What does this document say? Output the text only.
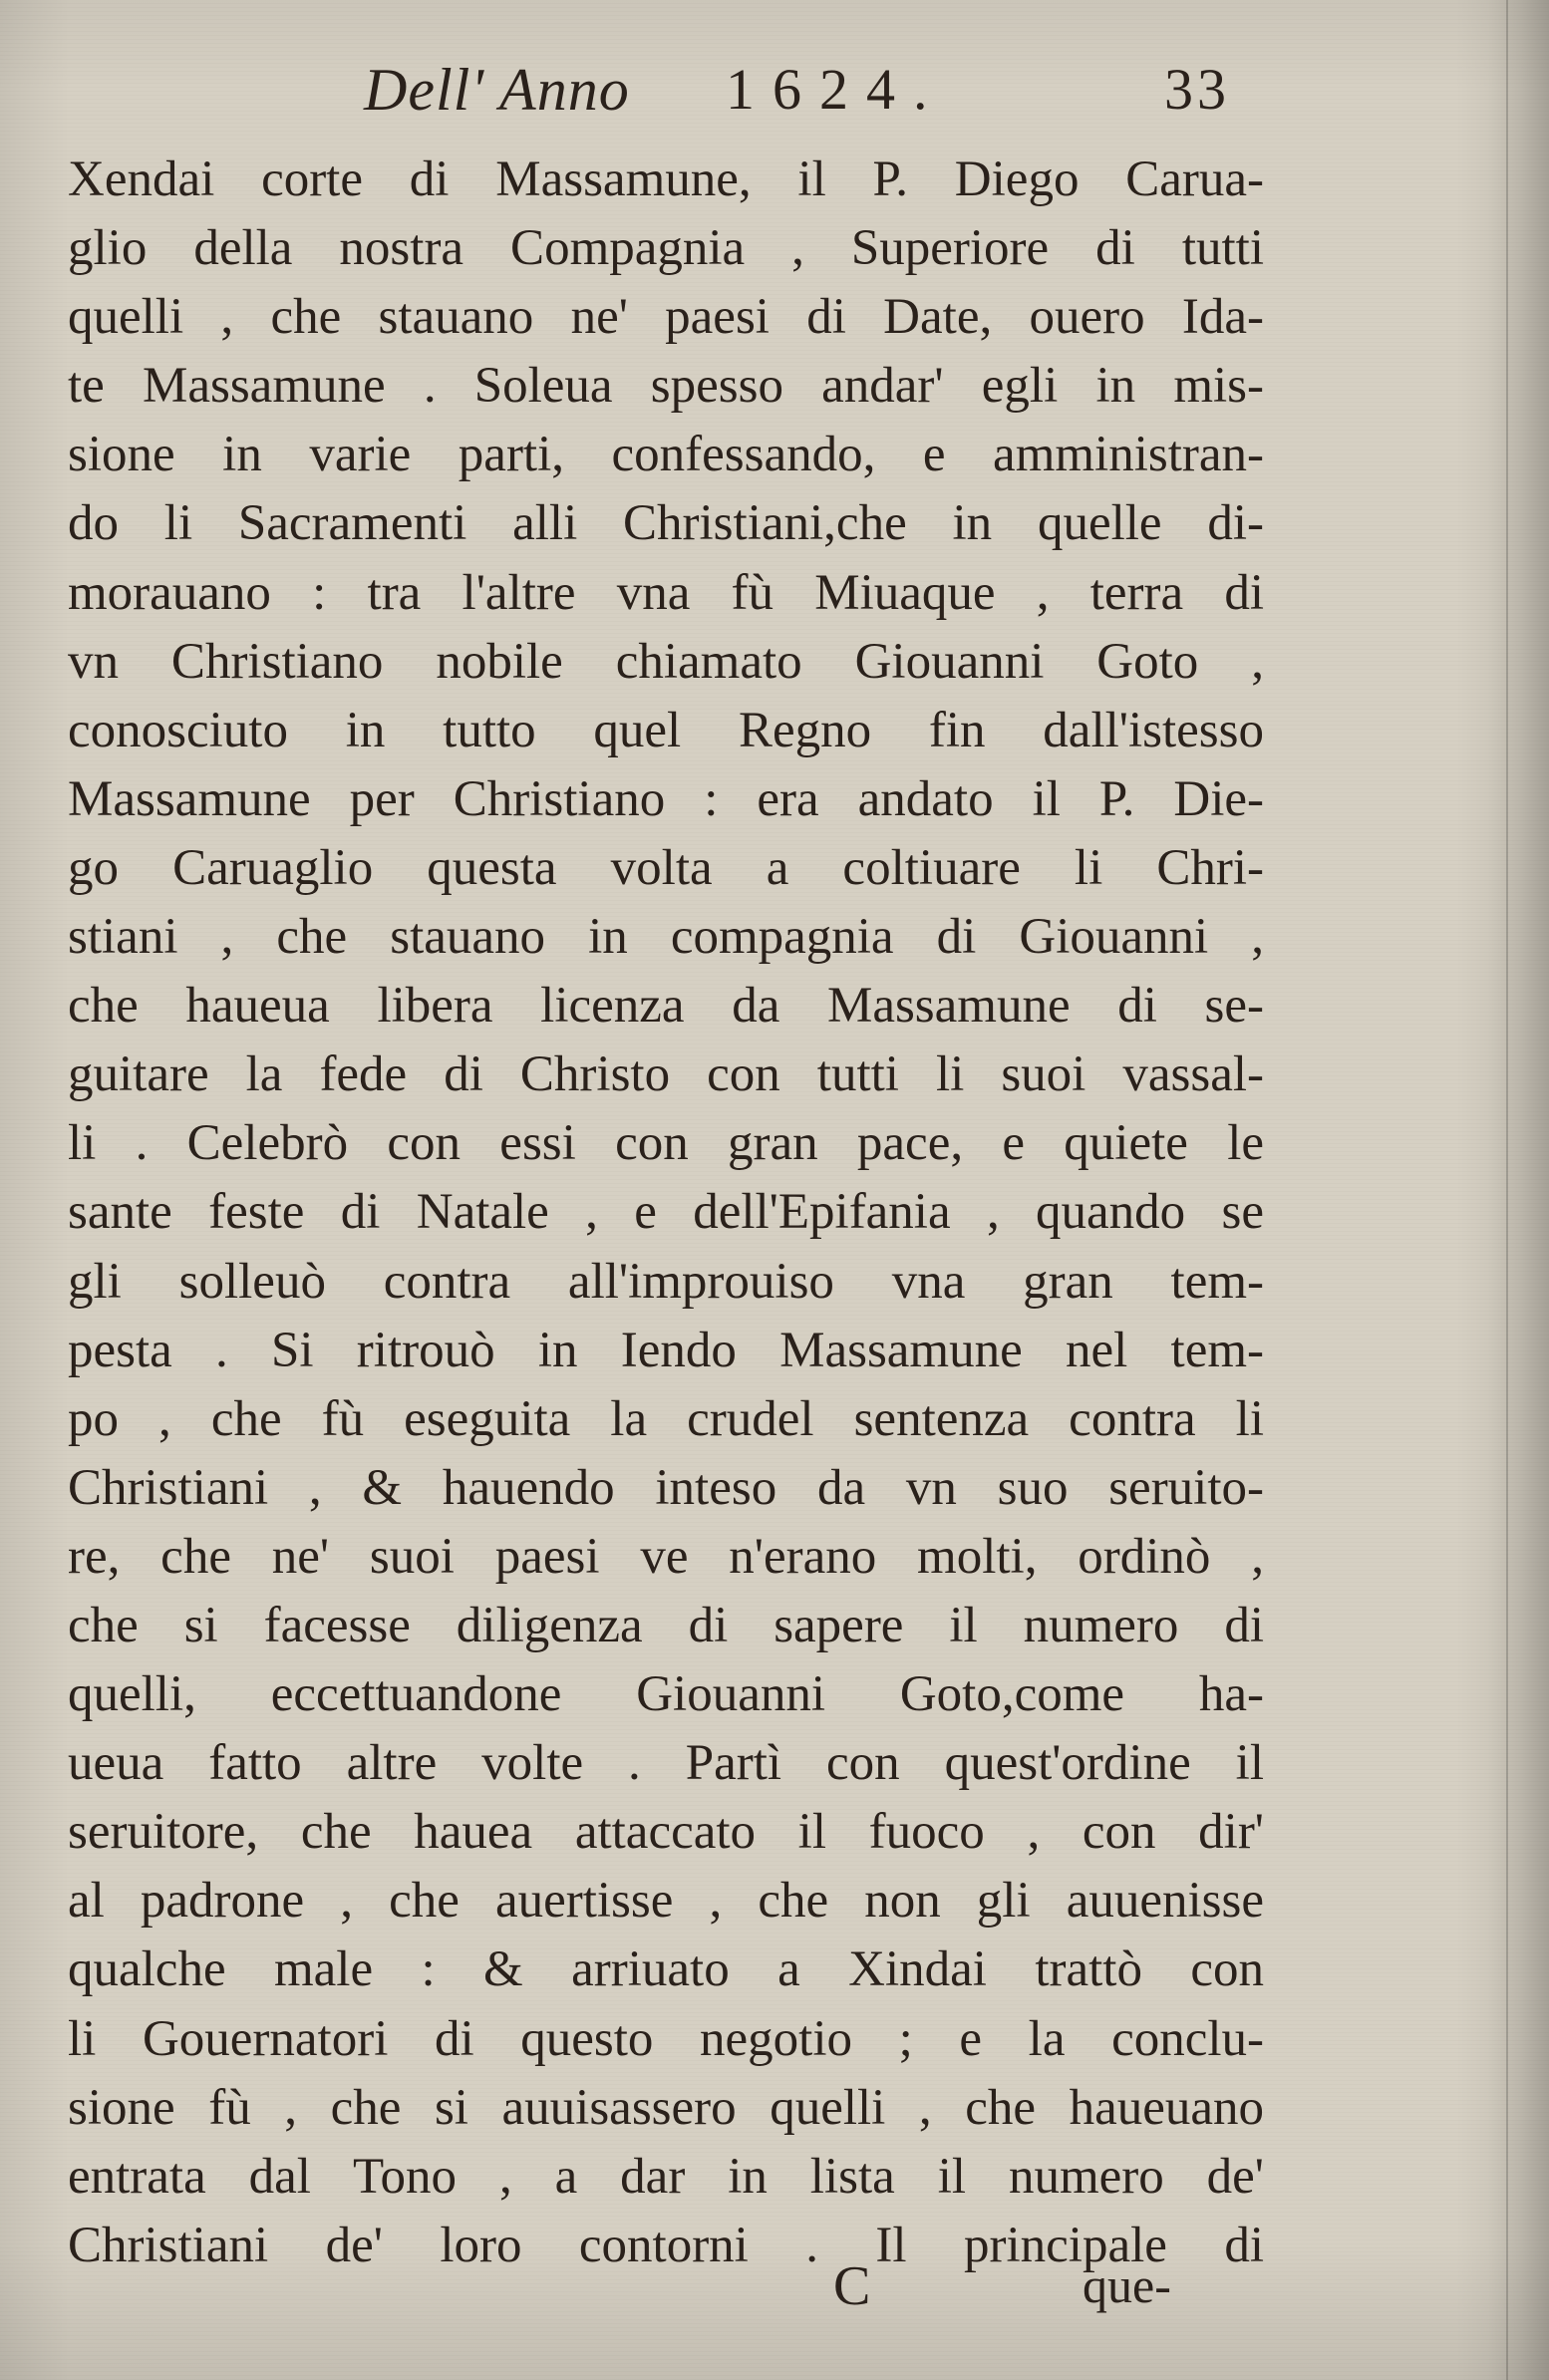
Dell' Anno 1624.	33
Xendai corte di Massamune, il P. Diego Carua-
glio della nostra Compagnia , Superiore di tutti
quelli , che stauano ne' paesi di Date, ouero Ida-
te Massamune . Soleua spesso andar' egli in mis-
sione in varie parti, confessando, e amministran-
do li Sacramenti alli Christiani,che in quelle di-
morauano : tra l'altre vna fù Miuaque , terra di
vn Christiano nobile chiamato Giouanni Goto ,
conosciuto in tutto quel Regno fin dall'istesso
Massamune per Christiano : era andato il P. Die-
go Caruaglio questa volta a coltiuare li Chri-
stiani , che stauano in compagnia di Giouanni ,
che haueua libera licenza da Massamune di se-
guitare la fede di Christo con tutti li suoi vassal-
li . Celebrò con essi con gran pace, e quiete le
sante feste di Natale , e dell'Epifania , quando se
gli solleuò contra all'improuiso vna gran tem-
pesta . Si ritrouò in Iendo Massamune nel tem-
po , che fù eseguita la crudel sentenza contra li
Christiani , & hauendo inteso da vn suo seruito-
re, che ne' suoi paesi ve n'erano molti, ordinò ,
che si facesse diligenza di sapere il numero di
quelli, eccettuandone Giouanni Goto,come ha-
ueua fatto altre volte . Partì con quest'ordine il
seruitore, che hauea attaccato il fuoco , con dir'
al padrone , che auertisse , che non gli auuenisse
qualche male : & arriuato a Xindai trattò con
li Gouernatori di questo negotio ; e la conclu-
sione fù , che si auuisassero quelli , che haueuano
entrata dal Tono , a dar in lista il numero de'
Christiani de' loro contorni . Il principale di
C	que-
